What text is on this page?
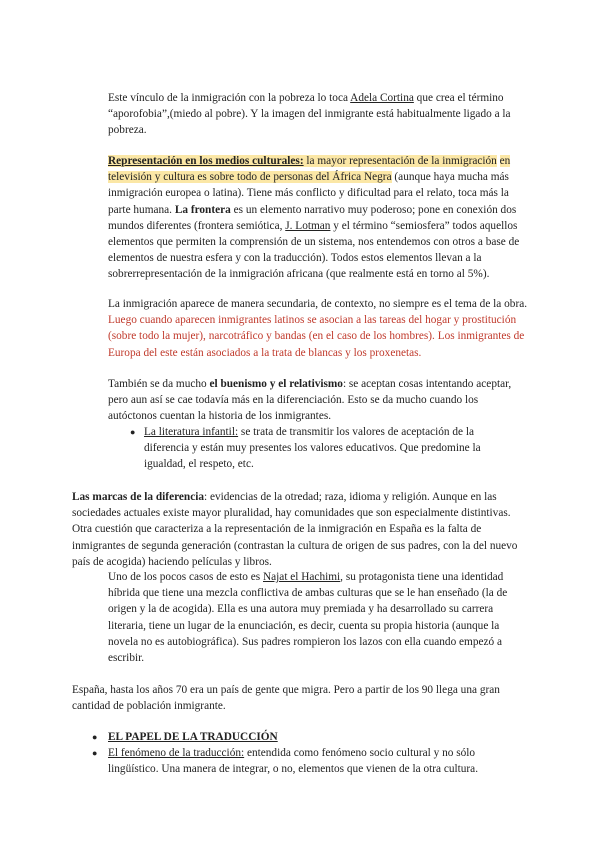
Este vínculo de la inmigración con la pobreza lo toca Adela Cortina que crea el término “aporofobia”,(miedo al pobre). Y la imagen del inmigrante está habitualmente ligado a la pobreza.

Representación en los medios culturales: la mayor representación de la inmigración en televisión y cultura es sobre todo de personas del África Negra (aunque haya mucha más inmigración europea o latina). Tiene más conflicto y dificultad para el relato, toca más la parte humana. La frontera es un elemento narrativo muy poderoso; pone en conexión dos mundos diferentes (frontera semiótica, J. Lotman y el término “semiosfera” todos aquellos elementos que permiten la comprensión de un sistema, nos entendemos con otros a base de elementos de nuestra esfera y con la traducción). Todos estos elementos llevan a la sobrerrepresentación de la inmigración africana (que realmente está en torno al 5%).

La inmigración aparece de manera secundaria, de contexto, no siempre es el tema de la obra. Luego cuando aparecen inmigrantes latinos se asocian a las tareas del hogar y prostitución (sobre todo la mujer), narcotráfico y bandas (en el caso de los hombres). Los inmigrantes de Europa del este están asociados a la trata de blancas y los proxenetas.

También se da mucho el buenismo y el relativismo: se aceptan cosas intentando aceptar, pero aun así se cae todavía más en la diferenciación. Esto se da mucho cuando los autóctonos cuentan la historia de los inmigrantes.

● La literatura infantil: se trata de transmitir los valores de aceptación de la diferencia y están muy presentes los valores educativos. Que predomine la igualdad, el respeto, etc.

Las marcas de la diferencia: evidencias de la otredad; raza, idioma y religión. Aunque en las sociedades actuales existe mayor pluralidad, hay comunidades que son especialmente distintivas. Otra cuestión que caracteriza a la representación de la inmigración en España es la falta de inmigrantes de segunda generación (contrastan la cultura de origen de sus padres, con la del nuevo país de acogida) haciendo películas y libros.

Uno de los pocos casos de esto es Najat el Hachimi, su protagonista tiene una identidad híbrida que tiene una mezcla conflictiva de ambas culturas que se le han enseñado (la de origen y la de acogida). Ella es una autora muy premiada y ha desarrollado su carrera literaria, tiene un lugar de la enunciación, es decir, cuenta su propia historia (aunque la novela no es autobiográfica). Sus padres rompieron los lazos con ella cuando empezó a escribir.

España, hasta los años 70 era un país de gente que migra. Pero a partir de los 90 llega una gran cantidad de población inmigrante.

● EL PAPEL DE LA TRADUCCIÓN

● El fenómeno de la traducción: entendida como fenómeno socio cultural y no sólo lingüístico. Una manera de integrar, o no, elementos que vienen de la otra cultura.
